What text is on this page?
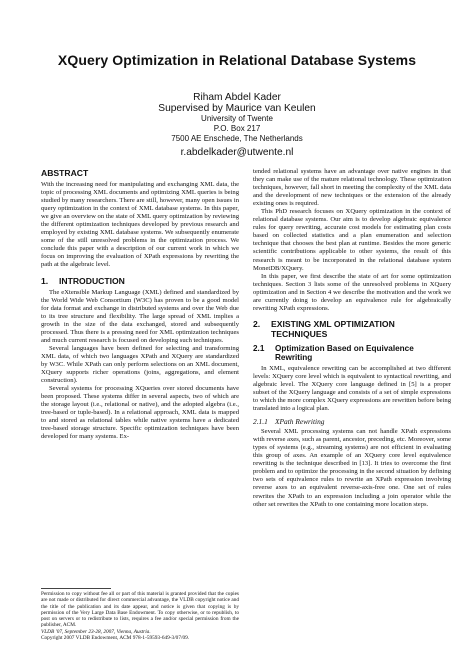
XQuery Optimization in Relational Database Systems
Riham Abdel Kader
Supervised by Maurice van Keulen
University of Twente
P.O. Box 217
7500 AE Enschede, The Netherlands
r.abdelkader@utwente.nl
ABSTRACT

With the increasing need for manipulating and exchanging XML data, the topic of processing XML documents and optimizing XML queries is being studied by many researchers. There are still, however, many open issues in query optimization in the context of XML database systems. In this paper, we give an overview on the state of XML query optimization by reviewing the different optimization techniques developed by previous research and employed by existing XML database systems. We subsequently enumerate some of the still unresolved problems in the optimization process. We conclude this paper with a description of our current work in which we focus on improving the evaluation of XPath expressions by rewriting the path at the algebraic level.

1. INTRODUCTION

The eXtensible Markup Language (XML) defined and standardized by the World Wide Web Consortium (W3C) has proven to be a good model for data format and exchange in distributed systems and over the Web due to its tree structure and flexibility. The large spread of XML implies a growth in the size of the data exchanged, stored and subsequently processed. Thus there is a pressing need for XML optimization techniques and much current research is focused on developing such techniques.

Several languages have been defined for selecting and transforming XML data, of which two languages XPath and XQuery are standardized by W3C. While XPath can only perform selections on an XML document, XQuery supports richer operations (joins, aggregations, and element construction).

Several systems for processing XQueries over stored documents have been proposed. These systems differ in several aspects, two of which are the storage layout (i.e., relational or native), and the adopted algebra (i.e., tree-based or tuple-based). In a relational approach, XML data is mapped to and stored as relational tables while native systems have a dedicated tree-based storage structure. Specific optimization techniques have been developed for many systems. Ex-

Permission to copy without fee all or part of this material is granted provided that the copies are not made or distributed for direct commercial advantage, the VLDB copyright notice and the title of the publication and its date appear, and notice is given that copying is by permission of the Very Large Data Base Endowment. To copy otherwise, or to republish, to post on servers or to redistribute to lists, requires a fee and/or special permission from the publisher, ACM.

VLDB '07, September 23-28, 2007, Vienna, Austria.

Copyright 2007 VLDB Endowment, ACM 978-1-59593-649-3/07/09.

tended relational systems have an advantage over native engines in that they can make use of the mature relational technology. These optimization techniques, however, fall short in meeting the complexity of the XML data and the development of new techniques or the extension of the already existing ones is required.

This PhD research focuses on XQuery optimization in the context of relational database systems. Our aim is to develop algebraic equivalence rules for query rewriting, accurate cost models for estimating plan costs based on collected statistics and a plan enumeration and selection technique that chooses the best plan at runtime. Besides the more generic scientific contributions applicable to other systems, the result of this research is meant to be incorporated in the relational database system MonetDB/XQuery.

In this paper, we first describe the state of art for some optimization techniques. Section 3 lists some of the unresolved problems in XQuery optimization and in Section 4 we describe the motivation and the work we are currently doing to develop an equivalence rule for algebraically rewriting XPath expressions.

2.	EXISTING XML OPTIMIZATION TECHNIQUES
2.1	Optimization Based on Equivalence Rewriting

In XML, equivalence rewriting can be accomplished at two different levels: XQuery core level which is equivalent to syntactical rewriting, and algebraic level. The XQuery core language defined in [5] is a proper subset of the XQuery language and consists of a set of simple expressions to which the more complex XQuery expressions are rewritten before being translated into a logical plan.

2.1.1 XPath Rewriting

Several XML processing systems can not handle XPath expressions with reverse axes, such as parent, ancestor, preceding, etc. Moreover, some types of systems (e.g., streaming systems) are not efficient in evaluating this group of axes. An example of an XQuery core level equivalence rewriting is the technique described in [13]. It tries to overcome the first problem and to optimize the processing in the second situation by defining two sets of equivalence rules to rewrite an XPath expression involving reverse axes to an equivalent reverse-axis-free one. One set of rules rewrites the XPath to an expression including a join operator while the other set rewrites the XPath to one containing more location steps.
